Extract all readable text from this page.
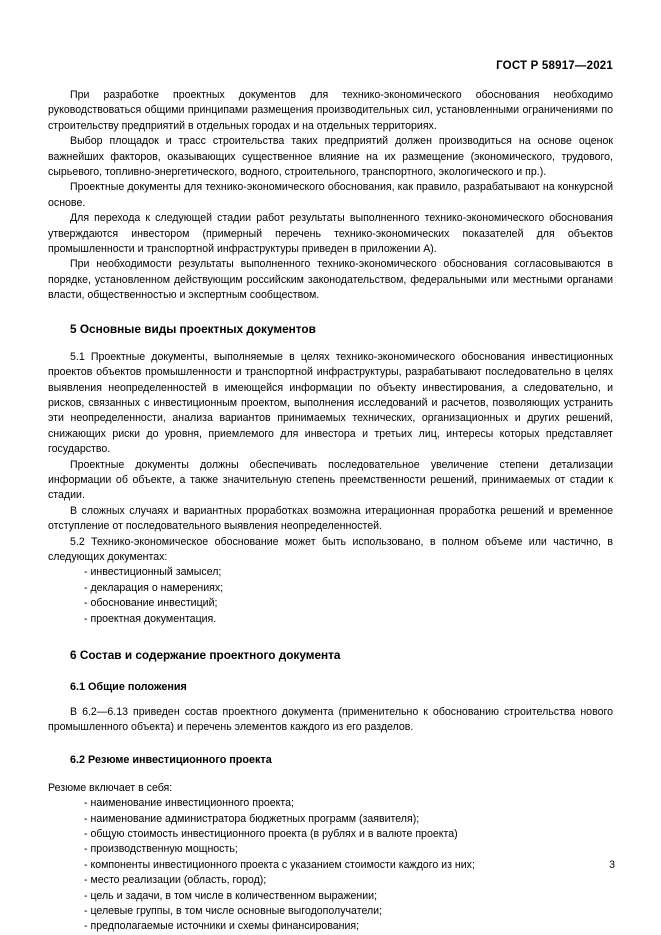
ГОСТ Р 58917—2021

При разработке проектных документов для технико-экономического обоснования необходимо руководствоваться общими принципами размещения производительных сил, установленными ограничениями по строительству предприятий в отдельных городах и на отдельных территориях.

Выбор площадок и трасс строительства таких предприятий должен производиться на основе оценок важнейших факторов, оказывающих существенное влияние на их размещение (экономического, трудового, сырьевого, топливно-энергетического, водного, строительного, транспортного, экологического и пр.).

Проектные документы для технико-экономического обоснования, как правило, разрабатывают на конкурсной основе.

Для перехода к следующей стадии работ результаты выполненного технико-экономического обоснования утверждаются инвестором (примерный перечень технико-экономических показателей для объектов промышленности и транспортной инфраструктуры приведен в приложении А).

При необходимости результаты выполненного технико-экономического обоснования согласовываются в порядке, установленном действующим российским законодательством, федеральными или местными органами власти, общественностью и экспертным сообществом.

5 Основные виды проектных документов

5.1 Проектные документы, выполняемые в целях технико-экономического обоснования инвестиционных проектов объектов промышленности и транспортной инфраструктуры, разрабатывают последовательно в целях выявления неопределенностей в имеющейся информации по объекту инвестирования, а следовательно, и рисков, связанных с инвестиционным проектом, выполнения исследований и расчетов, позволяющих устранить эти неопределенности, анализа вариантов принимаемых технических, организационных и других решений, снижающих риски до уровня, приемлемого для инвестора и третьих лиц, интересы которых представляет государство.

Проектные документы должны обеспечивать последовательное увеличение степени детализации информации об объекте, а также значительную степень преемственности решений, принимаемых от стадии к стадии.

В сложных случаях и вариантных проработках возможна итерационная проработка решений и временное отступление от последовательного выявления неопределенностей.

5.2 Технико-экономическое обоснование может быть использовано, в полном объеме или частично, в следующих документах:

- инвестиционный замысел;
- декларация о намерениях;
- обоснование инвестиций;
- проектная документация.
6 Состав и содержание проектного документа
6.1 Общие положения

В 6.2—6.13 приведен состав проектного документа (применительно к обоснованию строительства нового промышленного объекта) и перечень элементов каждого из его разделов.

6.2 Резюме инвестиционного проекта

Резюме включает в себя:

- наименование инвестиционного проекта;
- наименование администратора бюджетных программ (заявителя);
- общую стоимость инвестиционного проекта (в рублях и в валюте проекта)
- производственную мощность;
- компоненты инвестиционного проекта с указанием стоимости каждого из них;
- место реализации (область, город);
- цель и задачи, в том числе в количественном выражении;
- целевые группы, в том числе основные выгодополучатели;
- предполагаемые источники и схемы финансирования;
3
